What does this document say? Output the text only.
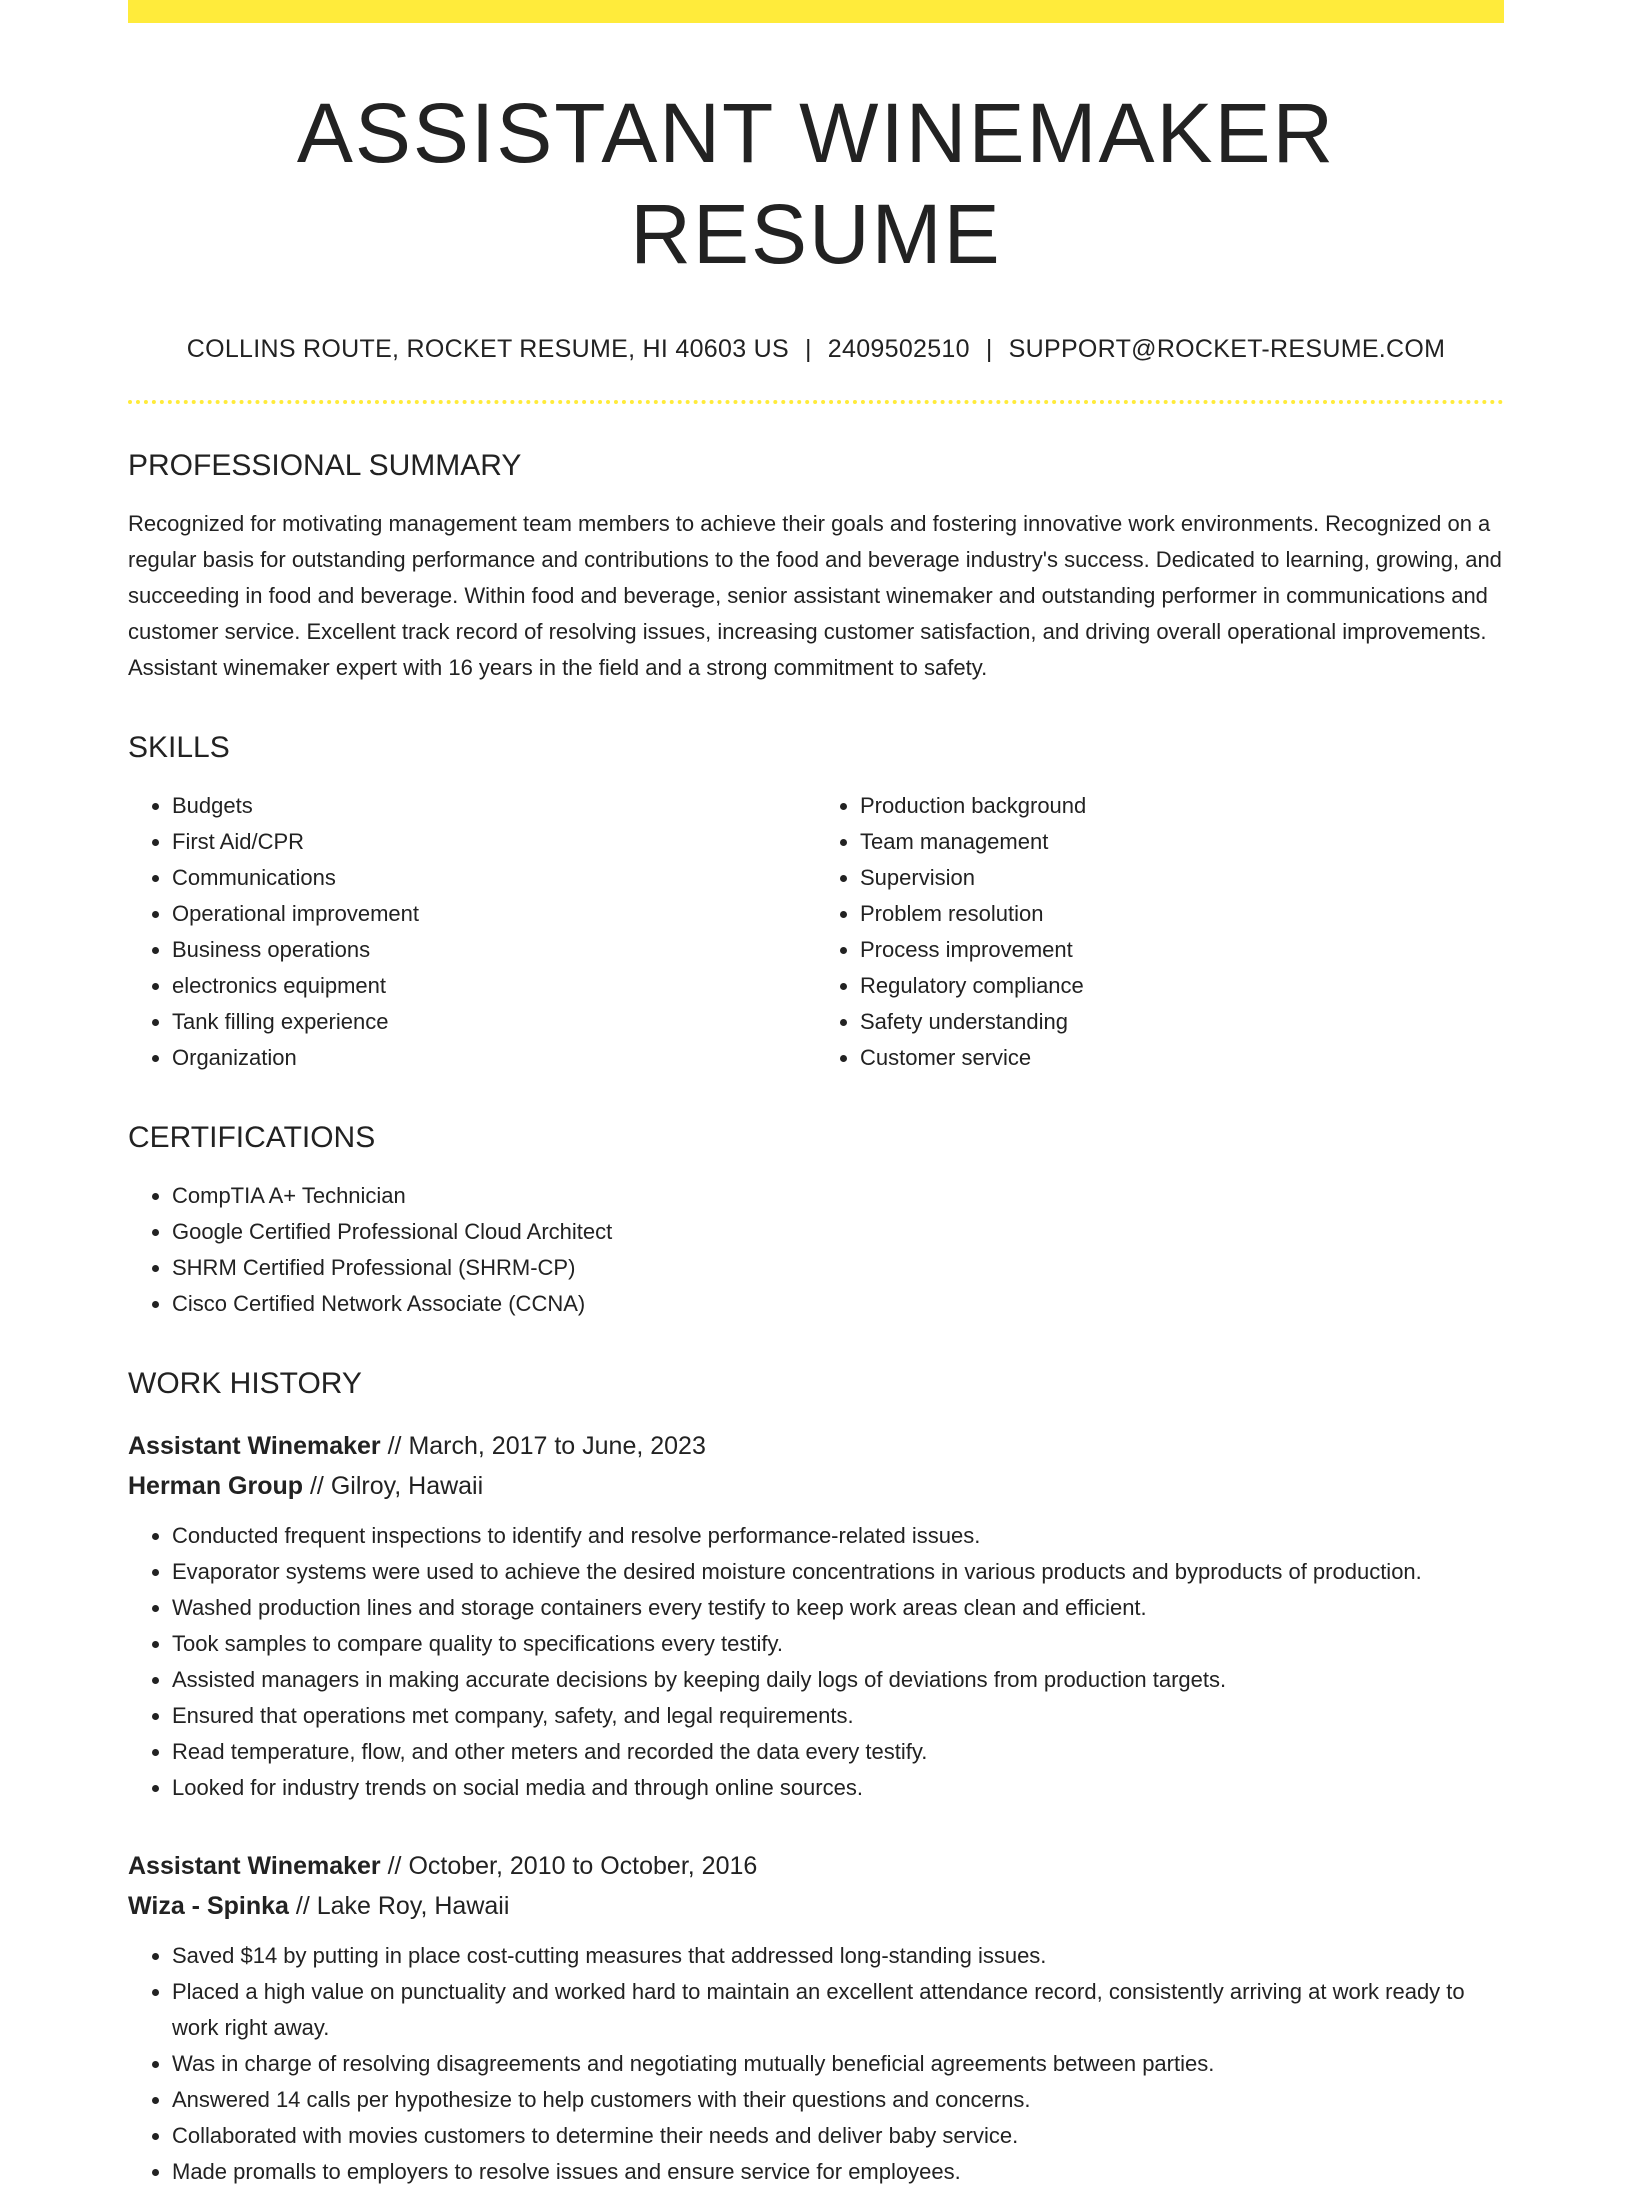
ASSISTANT WINEMAKER RESUME
COLLINS ROUTE, ROCKET RESUME, HI 40603 US | 2409502510 | SUPPORT@ROCKET-RESUME.COM
PROFESSIONAL SUMMARY
Recognized for motivating management team members to achieve their goals and fostering innovative work environments. Recognized on a regular basis for outstanding performance and contributions to the food and beverage industry's success. Dedicated to learning, growing, and succeeding in food and beverage. Within food and beverage, senior assistant winemaker and outstanding performer in communications and customer service. Excellent track record of resolving issues, increasing customer satisfaction, and driving overall operational improvements. Assistant winemaker expert with 16 years in the field and a strong commitment to safety.
SKILLS
• Budgets
• First Aid/CPR
• Communications
• Operational improvement
• Business operations
• electronics equipment
• Tank filling experience
• Organization
• Production background
• Team management
• Supervision
• Problem resolution
• Process improvement
• Regulatory compliance
• Safety understanding
• Customer service
CERTIFICATIONS
• CompTIA A+ Technician
• Google Certified Professional Cloud Architect
• SHRM Certified Professional (SHRM-CP)
• Cisco Certified Network Associate (CCNA)
WORK HISTORY
Assistant Winemaker // March, 2017 to June, 2023
Herman Group // Gilroy, Hawaii
• Conducted frequent inspections to identify and resolve performance-related issues.
• Evaporator systems were used to achieve the desired moisture concentrations in various products and byproducts of production.
• Washed production lines and storage containers every testify to keep work areas clean and efficient.
• Took samples to compare quality to specifications every testify.
• Assisted managers in making accurate decisions by keeping daily logs of deviations from production targets.
• Ensured that operations met company, safety, and legal requirements.
• Read temperature, flow, and other meters and recorded the data every testify.
• Looked for industry trends on social media and through online sources.
Assistant Winemaker // October, 2010 to October, 2016
Wiza - Spinka // Lake Roy, Hawaii
• Saved $14 by putting in place cost-cutting measures that addressed long-standing issues.
• Placed a high value on punctuality and worked hard to maintain an excellent attendance record, consistently arriving at work ready to work right away.
• Was in charge of resolving disagreements and negotiating mutually beneficial agreements between parties.
• Answered 14 calls per hypothesize to help customers with their questions and concerns.
• Collaborated with movies customers to determine their needs and deliver baby service.
• Made promalls to employers to resolve issues and ensure service for employees.
